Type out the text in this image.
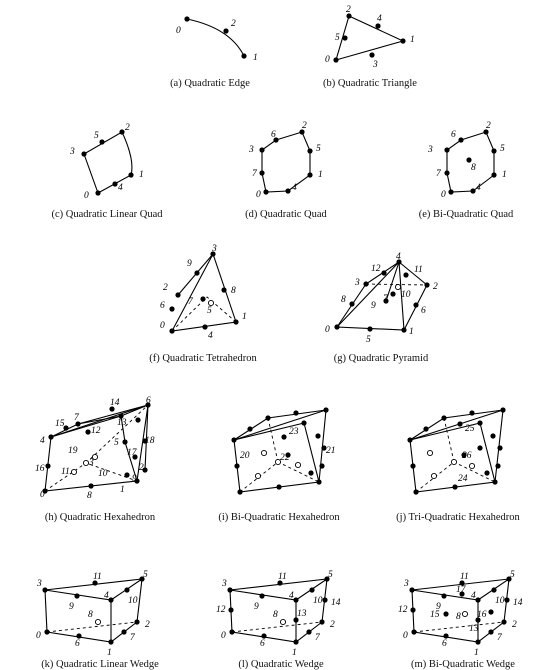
0
2
1
(a) Quadratic Edge
2
4
5	1
0	3
(b) Quadratic Triangle
5
2
3
1
0
4
(c) Quadratic Linear Quad
6
2
3	5
7	1
0
4
(d) Quadratic Quad
6
2
3	5
8
7	1
0
4
(e) Bi-Quadratic Quad
3
9
2	8
6 7
5
1
0
4
(f) Quadratic Tetrahedron
4
12	11
3	2
8	7 10
9	6
0
5
1
(g) Quadratic Pyramid
14	6
7
15	13
12
4	5	18
19	17
16 11	10
2
9
0	8
1
3
(h) Quadratic Hexahedron
23
20	22
21
(i) Bi-Quadratic Hexahedron
25
26
24
(j) Tri-Quadratic Hexahedron
11	5
3
4 10
9
8
0
6
2
7
1
(k) Quadratic Linear Wedge
11	5
3
4 10 14
12	9
13
8
0
6
2
7
1
(l) Quadratic Wedge
11	5
3
17
9
10
4
14
12 15 8 16
13
0
6
2
7
1
(m) Bi-Quadratic Wedge
